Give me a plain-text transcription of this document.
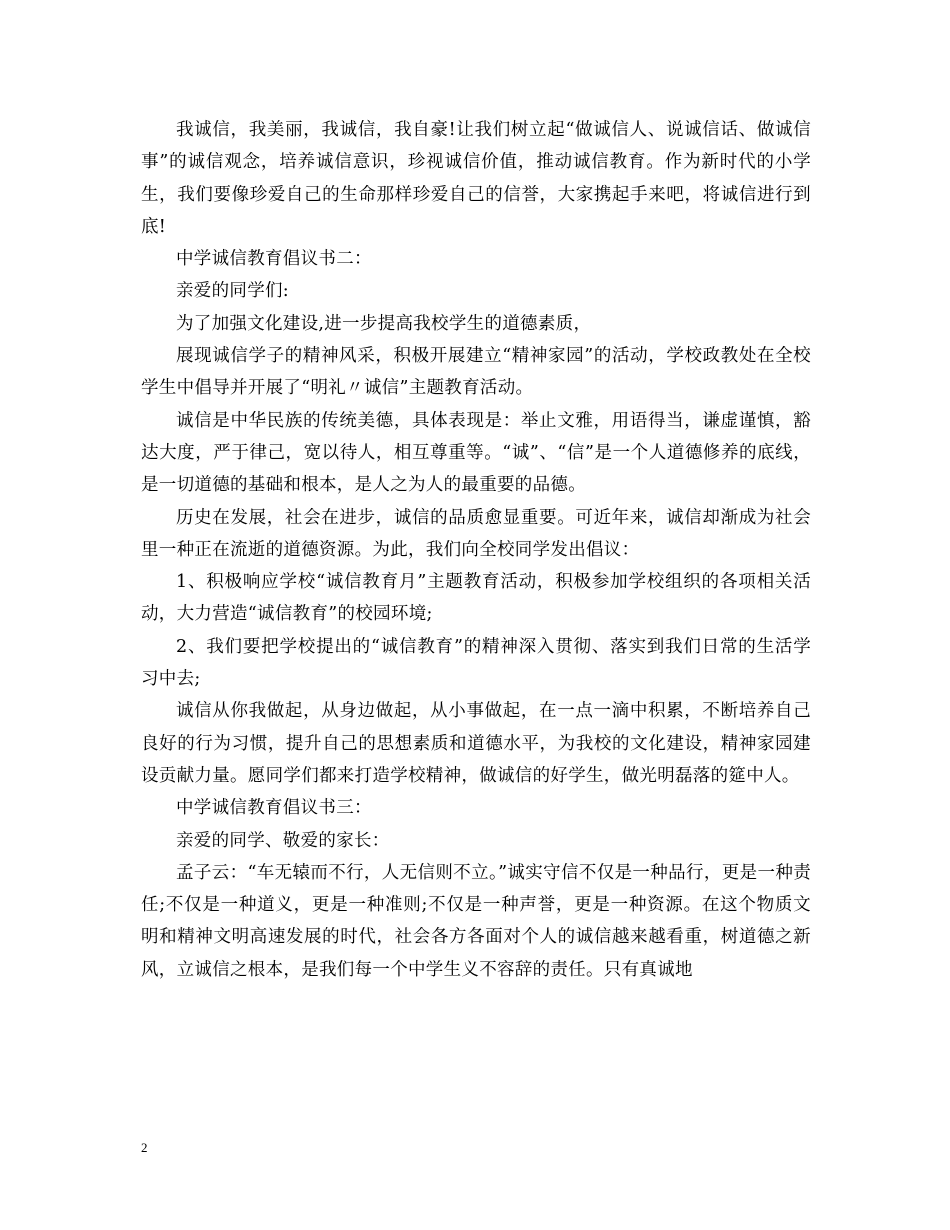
我诚信，我美丽，我诚信，我自豪!让我们树立起“做诚信人、说诚信话、做诚信事”的诚信观念，培养诚信意识，珍视诚信价值，推动诚信教育。作为新时代的小学生，我们要像珍爱自己的生命那样珍爱自己的信誉，大家携起手来吧，将诚信进行到底!

中学诚信教育倡议书二：

亲爱的同学们:

为了加强文化建设,进一步提高我校学生的道德素质，

展现诚信学子的精神风采，积极开展建立“精神家园”的活动，学校政教处在全校学生中倡导并开展了“明礼〃诚信”主题教育活动。

诚信是中华民族的传统美德，具体表现是：举止文雅，用语得当，谦虚谨慎，豁达大度，严于律己，宽以待人，相互尊重等。“诚”、“信”是一个人道德修养的底线，是一切道德的基础和根本，是人之为人的最重要的品德。

历史在发展，社会在进步，诚信的品质愈显重要。可近年来，诚信却渐成为社会里一种正在流逝的道德资源。为此，我们向全校同学发出倡议：

1、积极响应学校“诚信教育月”主题教育活动，积极参加学校组织的各项相关活动，大力营造“诚信教育”的校园环境;

2、我们要把学校提出的“诚信教育”的精神深入贯彻、落实到我们日常的生活学习中去;

诚信从你我做起，从身边做起，从小事做起，在一点一滴中积累，不断培养自己良好的行为习惯，提升自己的思想素质和道德水平，为我校的文化建设，精神家园建设贡献力量。愿同学们都来打造学校精神，做诚信的好学生，做光明磊落的筵中人。

中学诚信教育倡议书三：

亲爱的同学、敬爱的家长：

孟子云：“车无辕而不行，人无信则不立。”诚实守信不仅是一种品行，更是一种责任;不仅是一种道义，更是一种准则;不仅是一种声誉，更是一种资源。在这个物质文明和精神文明高速发展的时代，社会各方各面对个人的诚信越来越看重，树道德之新风，立诚信之根本，是我们每一个中学生义不容辞的责任。只有真诚地

2
